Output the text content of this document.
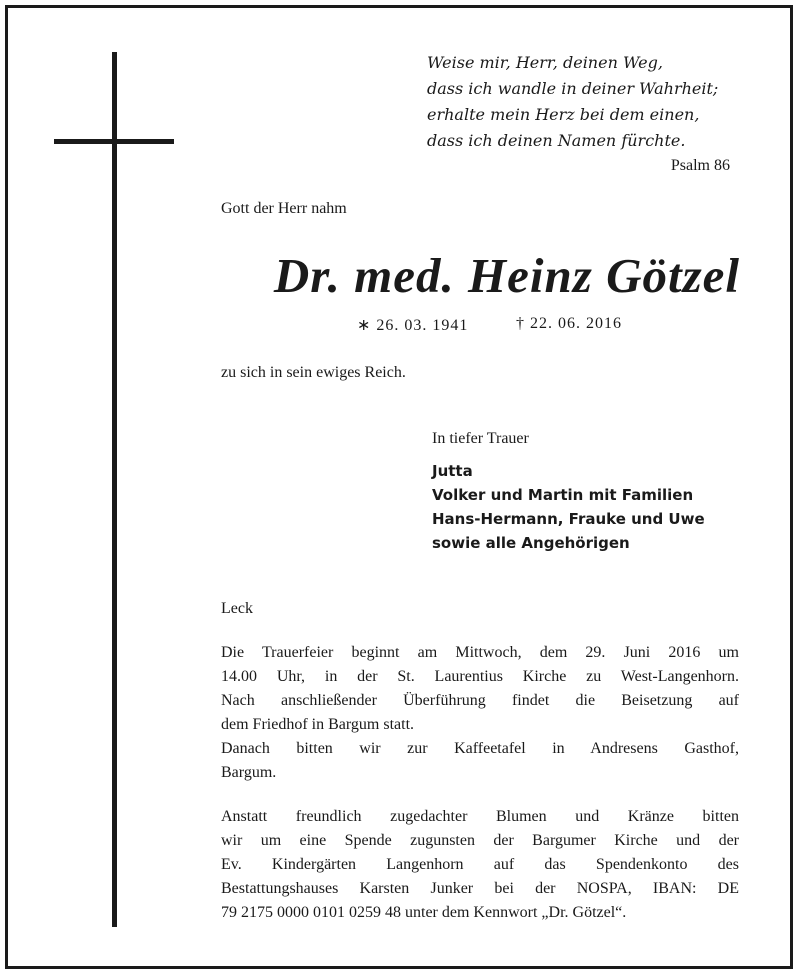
Weise mir, Herr, deinen Weg,
dass ich wandle in deiner Wahrheit;
erhalte mein Herz bei dem einen,
dass ich deinen Namen fürchte.
Psalm 86
Gott der Herr nahm
Dr. med. Heinz Götzel
∗ 26. 03. 1941	† 22. 06. 2016
zu sich in sein ewiges Reich.
In tiefer Trauer
Jutta
Volker und Martin mit Familien
Hans-Hermann, Frauke und Uwe
sowie alle Angehörigen
Leck
Die Trauerfeier beginnt am Mittwoch, dem 29. Juni 2016 um
14.00 Uhr, in der St. Laurentius Kirche zu West-Langenhorn.
Nach anschließender Überführung findet die Beisetzung auf
dem Friedhof in Bargum statt.
Danach bitten wir zur Kaffeetafel in Andresens Gasthof,
Bargum.
Anstatt freundlich zugedachter Blumen und Kränze bitten
wir um eine Spende zugunsten der Bargumer Kirche und der
Ev. Kindergärten Langenhorn auf das Spendenkonto des
Bestattungshauses Karsten Junker bei der NOSPA, IBAN: DE
79 2175 0000 0101 0259 48 unter dem Kennwort „Dr. Götzel“.
